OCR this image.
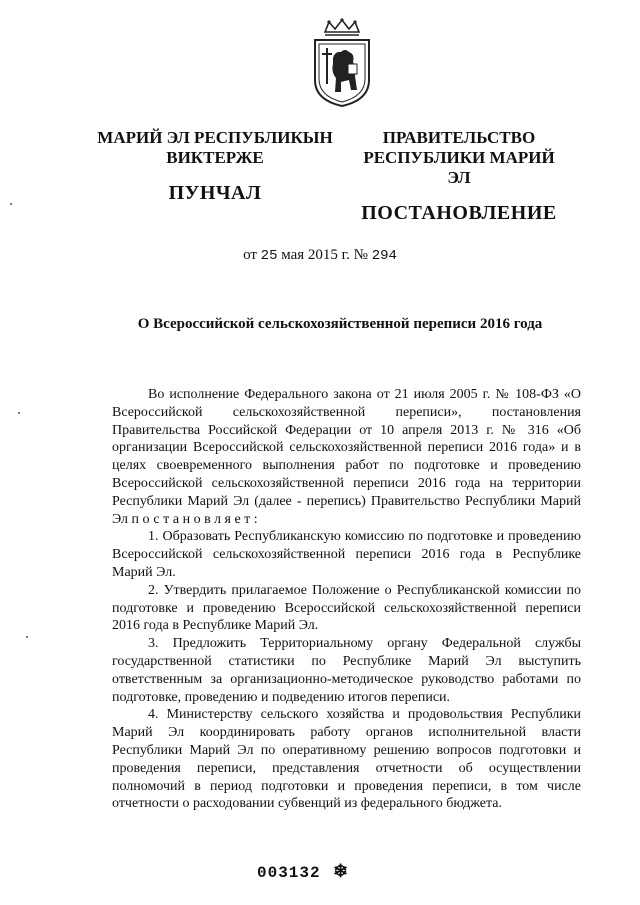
МАРИЙ ЭЛ РЕСПУБЛИКЫН
ВИКТЕРЖЕ
ПУНЧАЛ
ПРАВИТЕЛЬСТВО
РЕСПУБЛИКИ МАРИЙ ЭЛ
ПОСТАНОВЛЕНИЕ
от 25 мая 2015 г. № 294
О Всероссийской сельскохозяйственной переписи 2016 года

Во исполнение Федерального закона от 21 июля 2005 г. № 108-ФЗ «О Всероссийской сельскохозяйственной переписи», постановления Правительства Российской Федерации от 10 апреля 2013 г. № 316 «Об организации Всероссийской сельскохозяйственной переписи 2016 года» и в целях своевременного выполнения работ по подготовке и проведению Всероссийской сельскохозяйственной переписи 2016 года на территории Республики Марий Эл (далее - перепись) Правительство Республики Марий Эл постановляет:

1. Образовать Республиканскую комиссию по подготовке и проведению Всероссийской сельскохозяйственной переписи 2016 года в Республике Марий Эл.

2. Утвердить прилагаемое Положение о Республиканской комиссии по подготовке и проведению Всероссийской сельскохозяйственной переписи 2016 года в Республике Марий Эл.

3. Предложить Территориальному органу Федеральной службы государственной статистики по Республике Марий Эл выступить ответственным за организационно-методическое руководство работами по подготовке, проведению и подведению итогов переписи.

4. Министерству сельского хозяйства и продовольствия Республики Марий Эл координировать работу органов исполнительной власти Республики Марий Эл по оперативному решению вопросов подготовки и проведения переписи, представления отчетности об осуществлении полномочий в период подготовки и проведения переписи, в том числе отчетности о расходовании субвенций из федерального бюджета.

003132 ❄
